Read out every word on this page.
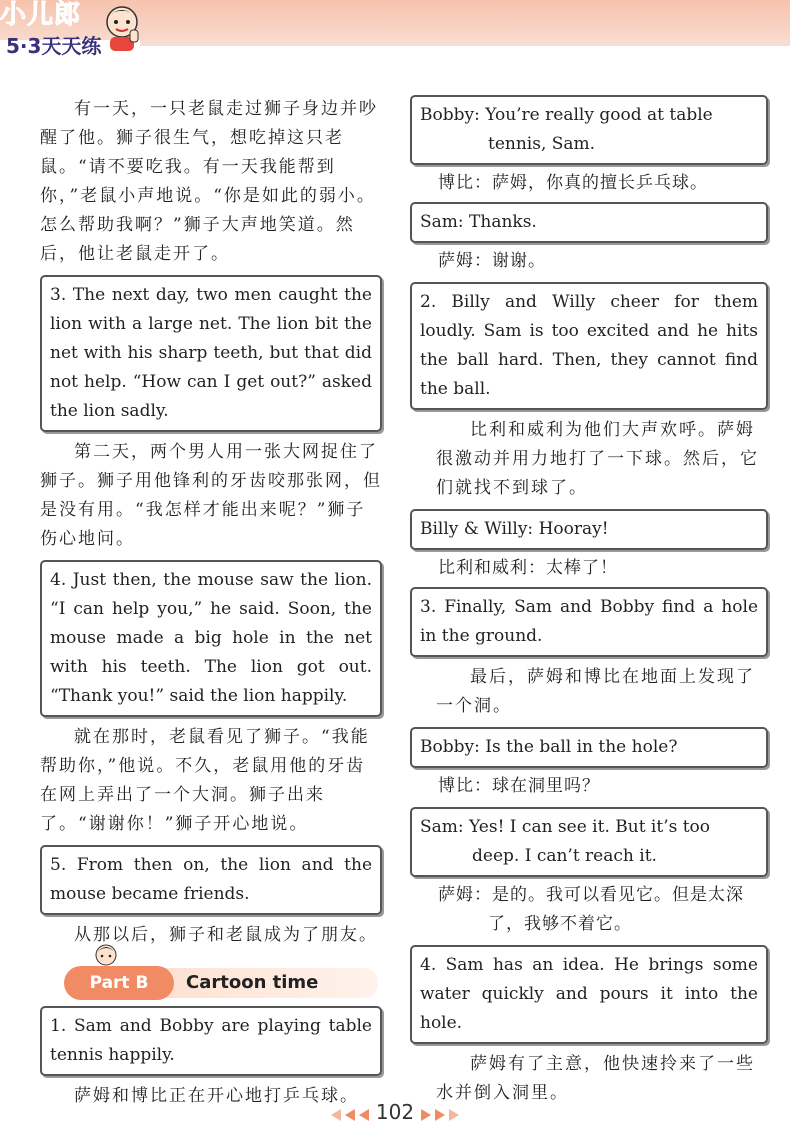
小儿郎
5·3天天练

有一天，一只老鼠走过狮子身边并吵醒了他。狮子很生气，想吃掉这只老鼠。“请不要吃我。有一天我能帮到你，”老鼠小声地说。“你是如此的弱小。怎么帮助我啊？”狮子大声地笑道。然后，他让老鼠走开了。

3. The next day, two men caught the lion with a large net. The lion bit the net with his sharp teeth, but that did not help. “How can I get out?” asked the lion sadly.

第二天，两个男人用一张大网捉住了狮子。狮子用他锋利的牙齿咬那张网，但是没有用。“我怎样才能出来呢？”狮子伤心地问。

4. Just then, the mouse saw the lion. “I can help you,” he said. Soon, the mouse made a big hole in the net with his teeth. The lion got out. “Thank you!” said the lion happily.

就在那时，老鼠看见了狮子。“我能帮助你，”他说。不久，老鼠用他的牙齿在网上弄出了一个大洞。狮子出来了。“谢谢你！”狮子开心地说。

5. From then on, the lion and the mouse became friends.

从那以后，狮子和老鼠成为了朋友。

Cartoon time
Part B
1. Sam and Bobby are playing table tennis happily.

萨姆和博比正在开心地打乒乓球。

Bobby: You’re really good at table

tennis, Sam.

博比：萨姆，你真的擅长乒乓球。

Sam: Thanks.

萨姆：谢谢。

2. Billy and Willy cheer for them loudly. Sam is too excited and he hits the ball hard. Then, they cannot find the ball.

比利和威利为他们大声欢呼。萨姆很激动并用力地打了一下球。然后，它们就找不到球了。

Billy & Willy: Hooray!

比利和威利：太棒了！

3. Finally, Sam and Bobby find a hole in the ground.

最后，萨姆和博比在地面上发现了一个洞。

Bobby: Is the ball in the hole?

博比：球在洞里吗？

Sam: Yes! I can see it. But it’s too

deep. I can’t reach it.

萨姆：是的。我可以看见它。但是太深

了，我够不着它。

4. Sam has an idea. He brings some water quickly and pours it into the hole.

萨姆有了主意，他快速拎来了一些水并倒入洞里。

102
